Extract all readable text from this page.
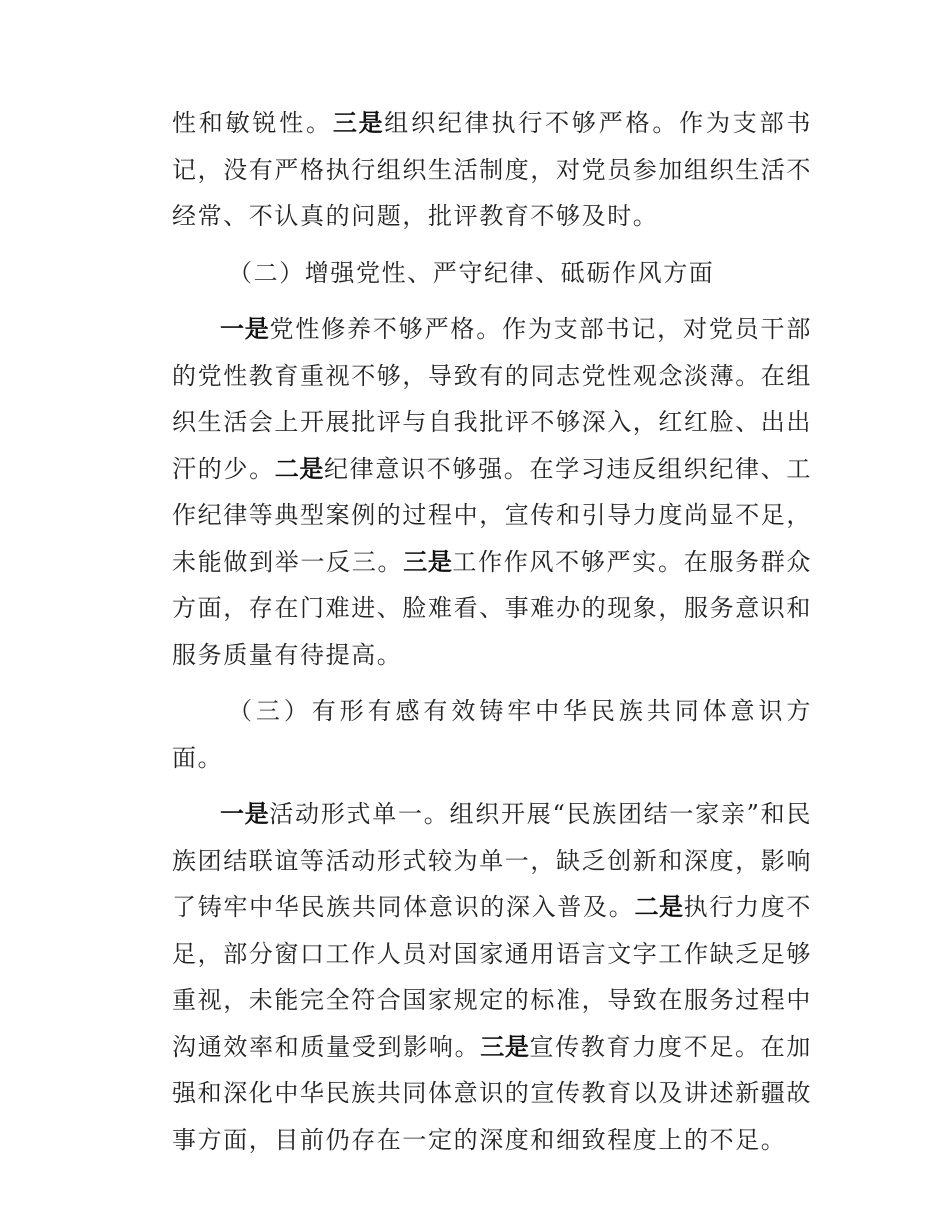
性和敏锐性。三是组织纪律执行不够严格。作为支部书记，没有严格执行组织生活制度，对党员参加组织生活不经常、不认真的问题，批评教育不够及时。

（二）增强党性、严守纪律、砥砺作风方面

一是党性修养不够严格。作为支部书记，对党员干部的党性教育重视不够，导致有的同志党性观念淡薄。在组织生活会上开展批评与自我批评不够深入，红红脸、出出汗的少。二是纪律意识不够强。在学习违反组织纪律、工作纪律等典型案例的过程中，宣传和引导力度尚显不足，未能做到举一反三。三是工作作风不够严实。在服务群众方面，存在门难进、脸难看、事难办的现象，服务意识和服务质量有待提高。

（三）有形有感有效铸牢中华民族共同体意识方面。

一是活动形式单一。组织开展“民族团结一家亲”和民族团结联谊等活动形式较为单一，缺乏创新和深度，影响了铸牢中华民族共同体意识的深入普及。二是执行力度不足，部分窗口工作人员对国家通用语言文字工作缺乏足够重视，未能完全符合国家规定的标准，导致在服务过程中沟通效率和质量受到影响。三是宣传教育力度不足。在加强和深化中华民族共同体意识的宣传教育以及讲述新疆故事方面，目前仍存在一定的深度和细致程度上的不足。
